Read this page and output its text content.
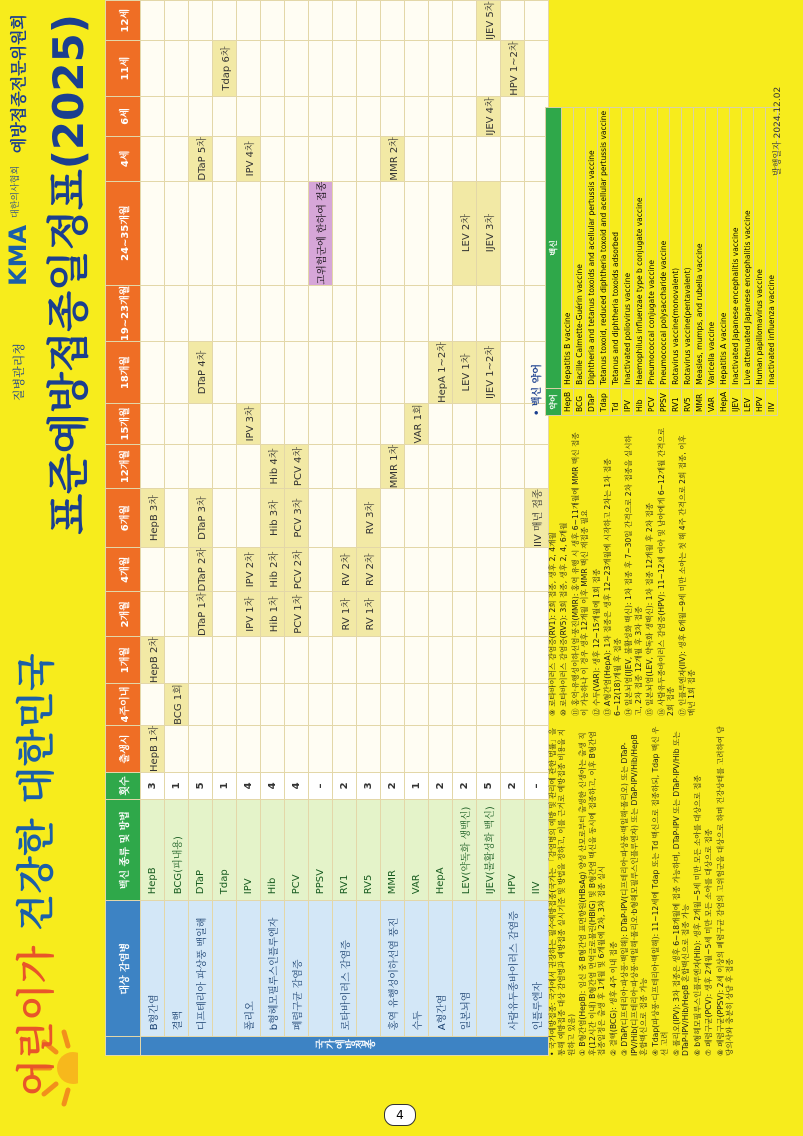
어린이가 건강한 대한민국
질병관리청
KMA
대한의사협회
예방접종전문위원회 표준예방접종일정표(2025)
	대상 감염병	백신 종류 및 방법	횟수	출생시	4주이내	1개월	2개월	4개월	6개월	12개월	15개월	18개월	19~23개월	24~35개월	4세	6세	11세	12세
국가예방접종	B형간염	HepB	3	HepB 1차		HepB 2차			HepB 3차									
	결핵	BCG(피내용)	1		BCG 1회													
	디프테리아 파상풍 백일해	DTaP	5				DTaP 1차	DTaP 2차	DTaP 3차			DTaP 4차			DTaP 5차			
		Tdap	1														Tdap 6차	
	폴리오	IPV	4				IPV 1차	IPV 2차			IPV 3차				IPV 4차			
	b형헤모필루스인플루엔자	Hib	4				Hib 1차	Hib 2차	Hib 3차	Hib 4차								
	폐렴구균 감염증	PCV	4				PCV 1차	PCV 2차	PCV 3차	PCV 4차								
		PPSV	–											고위험군에 한하여 접종				
	로타바이러스 감염증	RV1	2				RV 1차	RV 2차										
		RV5	3				RV 1차	RV 2차	RV 3차									
	홍역 유행성이하선염 풍진	MMR	2							MMR 1차					MMR 2차			
	수두	VAR	1								VAR 1회							
	A형간염	HepA	2									HepA 1~2차						
	일본뇌염	LEV(약독화 생백신)	2									LEV 1차		LEV 2차				
		IJEV(불활성화 백신)	5									IJEV 1~2차		IJEV 3차		IJEV 4차		IJEV 5차
	사람유두종바이러스 감염증	HPV	2														HPV 1~2차	
	인플루엔자	IIV	–						IIV 매년 접종									

• 국가예방접종: 국가에서 권장하는 필수예방접종(국가는 「감염병의 예방 및 관리에 관한 법률」을 통해 예방접종 대상 감염병과 예방접종 실시기준 및 방법을 정하고, 이를 근거로 예방접종 비용을 지원하고 있음) ① B형간염(HepB): 임신 중 B형간염 표면항원(HBsAg) 양성 산모로부터 출생한 신생아는 출생 직후(12시간 이내) B형간염 면역글로불린(HBIG) 및 B형간염 백신을 동시에 접종하고, 이후 B형간염 접종일정은 출생 후 1개월 및 6개월에 2차, 3차 접종 실시 ② 결핵(BCG): 생후 4주 이내 접종 ③ DTaP(디프테리아·파상풍·백일해): DTaP-IPV(디프테리아·파상풍·백일해·폴리오) 또는 DTaP-IPV/Hib(디프테리아·파상풍·백일해·폴리오·b형헤모필루스인플루엔자) 또는 DTaP-IPV/Hib/HepB 혼합백신으로 접종 가능 ④ Tdap(파상풍·디프테리아·백일해): 11~12세에 Tdap 또는 Td 백신으로 접종하되, Tdap 백신 우선 고려 ⑤ 폴리오(IPV): 3차 접종은 생후 6~18개월에 접종 가능하며, DTaP-IPV 또는 DTaP-IPV/Hib 또는 DTaP-IPV/Hib/HepB 혼합백신으로 접종 가능 ⑥ b형헤모필루스인플루엔자(Hib): 생후 2개월~5세 미만 모든 소아를 대상으로 접종 ⑦ 폐렴구균(PCV): 생후 2개월~5세 미만 모든 소아를 대상으로 접종 ⑧ 폐렴구균(PPSV): 2세 이상의 폐렴구균 감염의 고위험군을 대상으로 하며 건강상태를 고려하여 담당의사와 충분히 상담 후 접종

⑨ 로타바이러스 감염증(RV1): 2회 접종, 생후 2, 4개월 ⑩ 로타바이러스 감염증(RV5): 3회 접종, 생후 2, 4, 6개월 ⑪ 홍역·유행성이하선염·풍진(MMR): 홍역 유행 시 생후 6~11개월에 MMR 백신 접종이 가능하나 이 경우 생후 12개월 이후 MMR 백신 재접종 필요 ⑫ 수두(VAR): 생후 12~15개월에 1회 접종 ⑬ A형간염(HepA): 1차 접종은 생후 12~23개월에 시작하고 2차는 1차 접종 6~12(18)개월 후 접종 ⑭ 일본뇌염(IJEV, 불활성화 백신): 1차 접종 후 7~30일 간격으로 2차 접종을 실시하고, 2차 접종 12개월 후 3차 접종 ⑮ 일본뇌염(LEV, 약독화 생백신): 1차 접종 12개월 후 2차 접종 ⑯ 사람유두종바이러스 감염증(HPV): 11~12세 여아 및 남아에게 6~12개월 간격으로 2회 접종 ⑰ 인플루엔자(IIV): 생후 6개월~9세 미만 소아는 첫 해 4주 간격으로 2회 접종, 이후 매년 1회 접종

• 백신 약어 약어	백신
HepB	Hepatitis B vaccine
BCG	Bacille Calmette-Guérin vaccine
DTaP	Diphtheria and tetanus toxoids and acellular pertussis vaccine
Tdap	Tetanus toxoid, reduced diphtheria toxoid and acellular pertussis vaccine
Td	Tetanus and diphtheria toxoids adsorbed
IPV	Inactivated poliovirus vaccine
Hib	Haemophilus influenzae type b conjugate vaccine
PCV	Pneumococcal conjugate vaccine
PPSV	Pneumococcal polysaccharide vaccine
RV1	Rotavirus vaccine(monovalent)
RV5	Rotavirus vaccine(pentavalent)
MMR	Measles, mumps, and rubella vaccine
VAR	Varicella vaccine
HepA	Hepatitis A vaccine
IJEV	Inactivated Japanese encephalitis vaccine
LEV	Live attenuated Japanese encephalitis vaccine
HPV	Human papillomavirus vaccine
IIV	Inactivated influenza vaccine
발행일자 2024.12.02
4
